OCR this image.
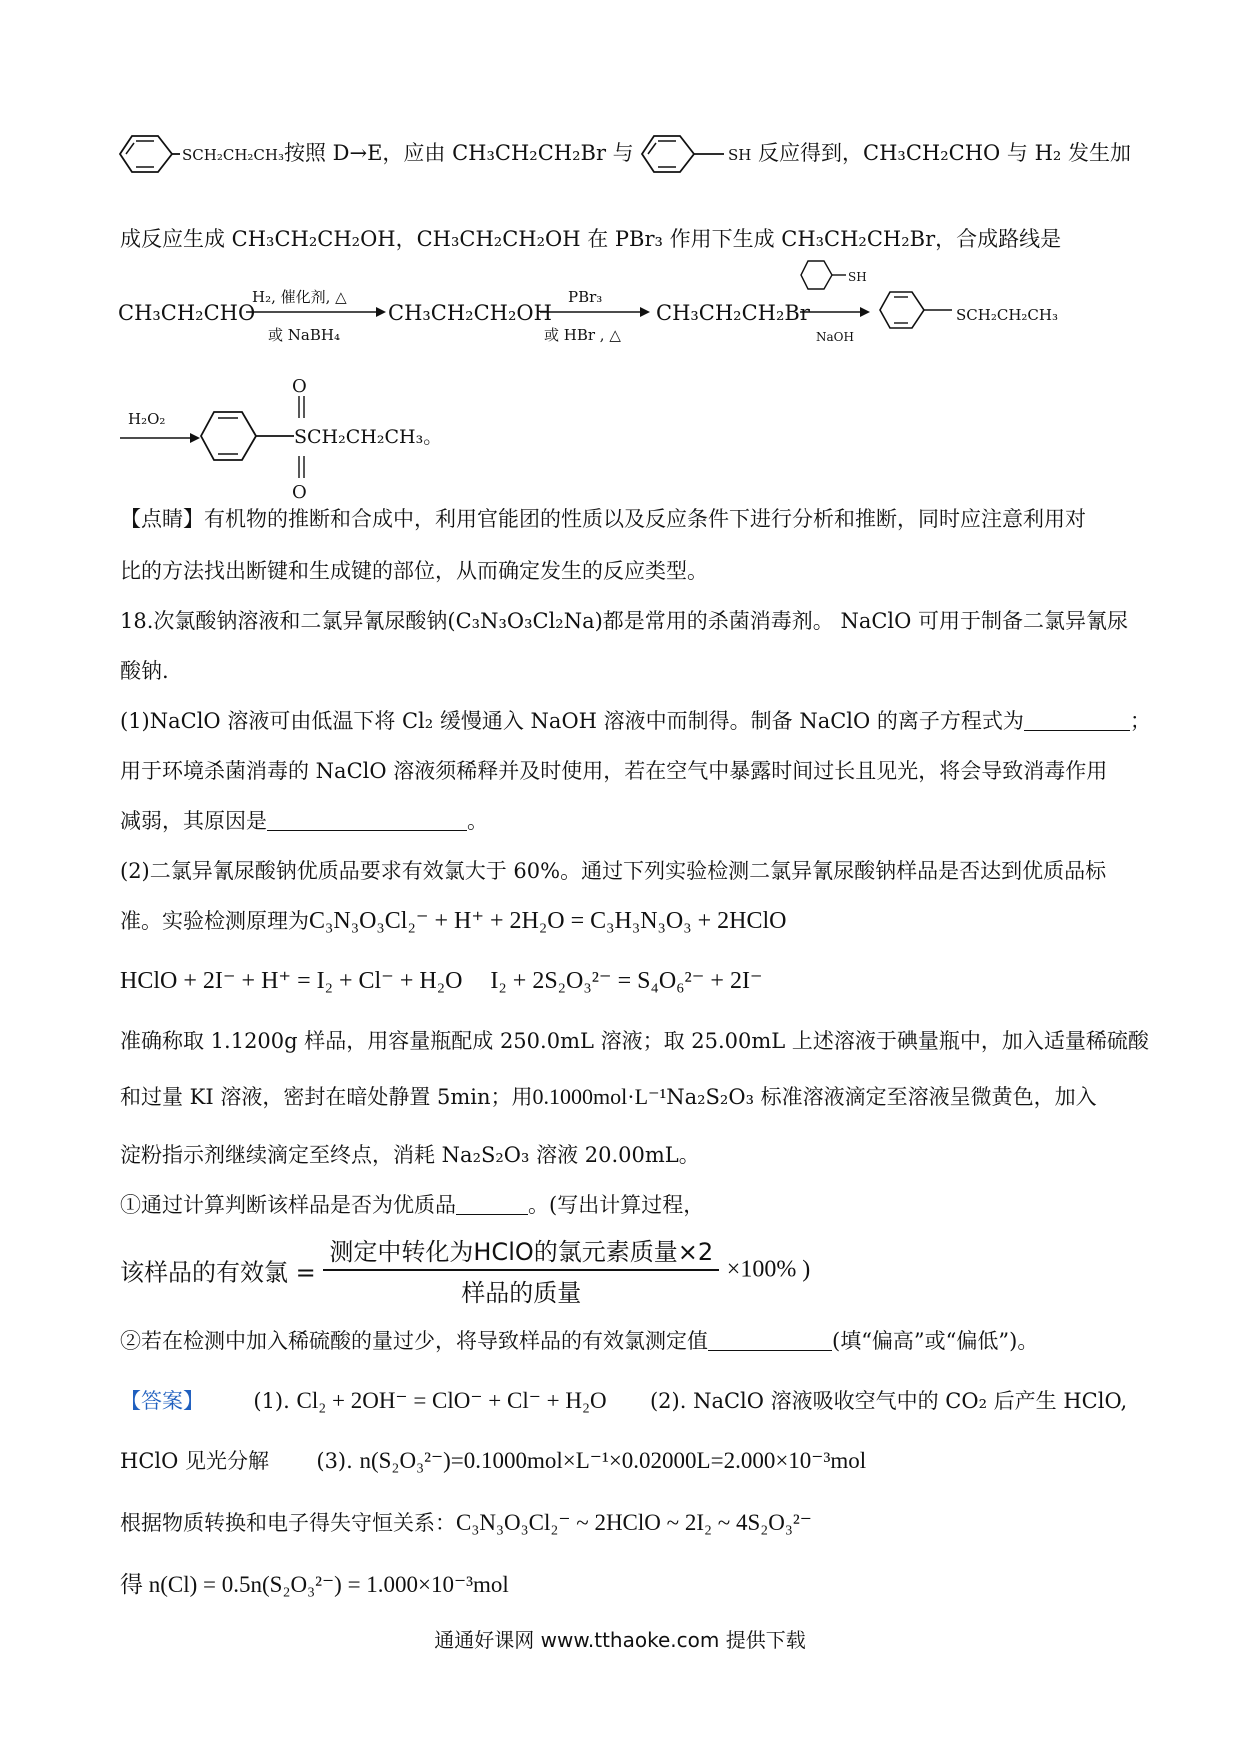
SCH₂CH₂CH₃按照 D→E，应由 CH₃CH₂CH₂Br 与	SH 反应得到，CH₃CH₂CHO 与 H₂ 发生加
成反应生成 CH₃CH₂CH₂OH，CH₃CH₂CH₂OH 在 PBr₃ 作用下生成 CH₃CH₂CH₂Br，合成路线是
CH₃CH₂CHO
H₂, 催化剂, △
或 NaBH₄
CH₃CH₂CH₂OH
PBr₃
或 HBr , △
CH₃CH₂CH₂Br
SH
NaOH
SCH₂CH₂CH₃
H₂O₂
O
O
SCH₂CH₂CH₃。
【点睛】有机物的推断和合成中，利用官能团的性质以及反应条件下进行分析和推断，同时应注意利用对
比的方法找出断键和生成键的部位，从而确定发生的反应类型。
18.次氯酸钠溶液和二氯异氰尿酸钠(C₃N₃O₃Cl₂Na)都是常用的杀菌消毒剂。 NaClO 可用于制备二氯异氰尿
酸钠.
(1)NaClO 溶液可由低温下将 Cl₂ 缓慢通入 NaOH 溶液中而制得。制备 NaClO 的离子方程式为	；
用于环境杀菌消毒的 NaClO 溶液须稀释并及时使用，若在空气中暴露时间过长且见光，将会导致消毒作用
减弱，其原因是	。
(2)二氯异氰尿酸钠优质品要求有效氯大于 60%。通过下列实验检测二氯异氰尿酸钠样品是否达到优质品标
准。实验检测原理为C₃N₃O₃Cl₂⁻ + H⁺ + 2H₂O = C₃H₃N₃O₃ + 2HClO
HClO + 2I⁻ + H⁺ = I₂ + Cl⁻ + H₂O I₂ + 2S₂O₃²⁻ = S₄O₆²⁻ + 2I⁻
准确称取 1.1200g 样品，用容量瓶配成 250.0mL 溶液；取 25.00mL 上述溶液于碘量瓶中，加入适量稀硫酸
和过量 KI 溶液，密封在暗处静置 5min；用0.1000mol·L⁻¹Na₂S₂O₃ 标准溶液滴定至溶液呈微黄色，加入
淀粉指示剂继续滴定至终点，消耗 Na₂S₂O₃ 溶液 20.00mL。
①通过计算判断该样品是否为优质品	。(写出计算过程，
该样品的有效氯 = $\frac{\text{测定中转化为HClO的氯元素质量×2}}{\text{样品的质量}} \times 100\%$ )
②若在检测中加入稀硫酸的量过少，将导致样品的有效氯测定值	(填“偏高”或“偏低”)。
【答案】 (1). Cl₂ + 2OH⁻ = ClO⁻ + Cl⁻ + H₂O (2). NaClO 溶液吸收空气中的 CO₂ 后产生 HClO,
HClO 见光分解 (3). n(S₂O₃²⁻)=0.1000mol×L⁻¹×0.02000L=2.000×10⁻³mol
根据物质转换和电子得失守恒关系：C₃N₃O₃Cl₂⁻ ~ 2HClO ~ 2I₂ ~ 4S₂O₃²⁻
得 n(Cl) = 0.5n(S₂O₃²⁻) = 1.000×10⁻³mol
通通好课网 www.tthaoke.com 提供下载
